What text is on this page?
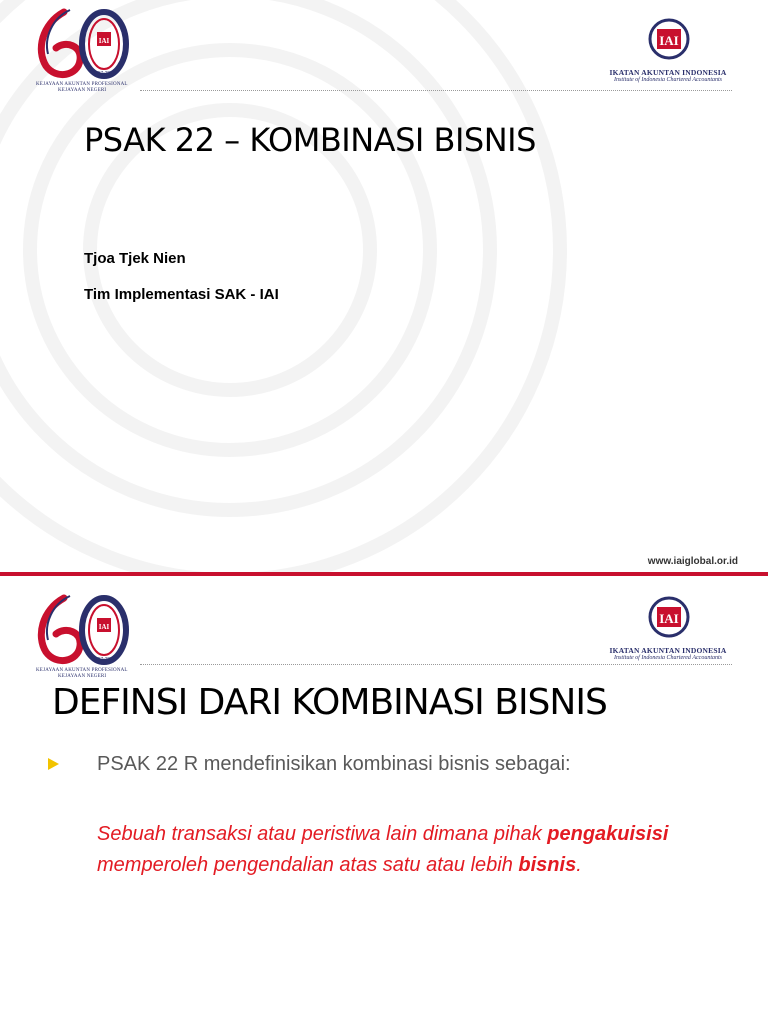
IAI
1957-2017
KEJAYAAN AKUNTAN PROFESIONAL
KEJAYAAN NEGERI
IAI
IKATAN AKUNTAN INDONESIA
Institute of Indonesia Chartered Accountants
PSAK 22 – KOMBINASI BISNIS
Tjoa Tjek Nien
Tim Implementasi SAK - IAI
www.iaiglobal.or.id
IAI
1957-2017
KEJAYAAN AKUNTAN PROFESIONAL
KEJAYAAN NEGERI
IAI
IKATAN AKUNTAN INDONESIA
Institute of Indonesia Chartered Accountants
DEFINSI DARI KOMBINASI BISNIS
PSAK 22 R mendefinisikan kombinasi bisnis sebagai:
Sebuah transaksi atau peristiwa lain dimana pihak pengakuisisi memperoleh pengendalian atas satu atau lebih bisnis.
